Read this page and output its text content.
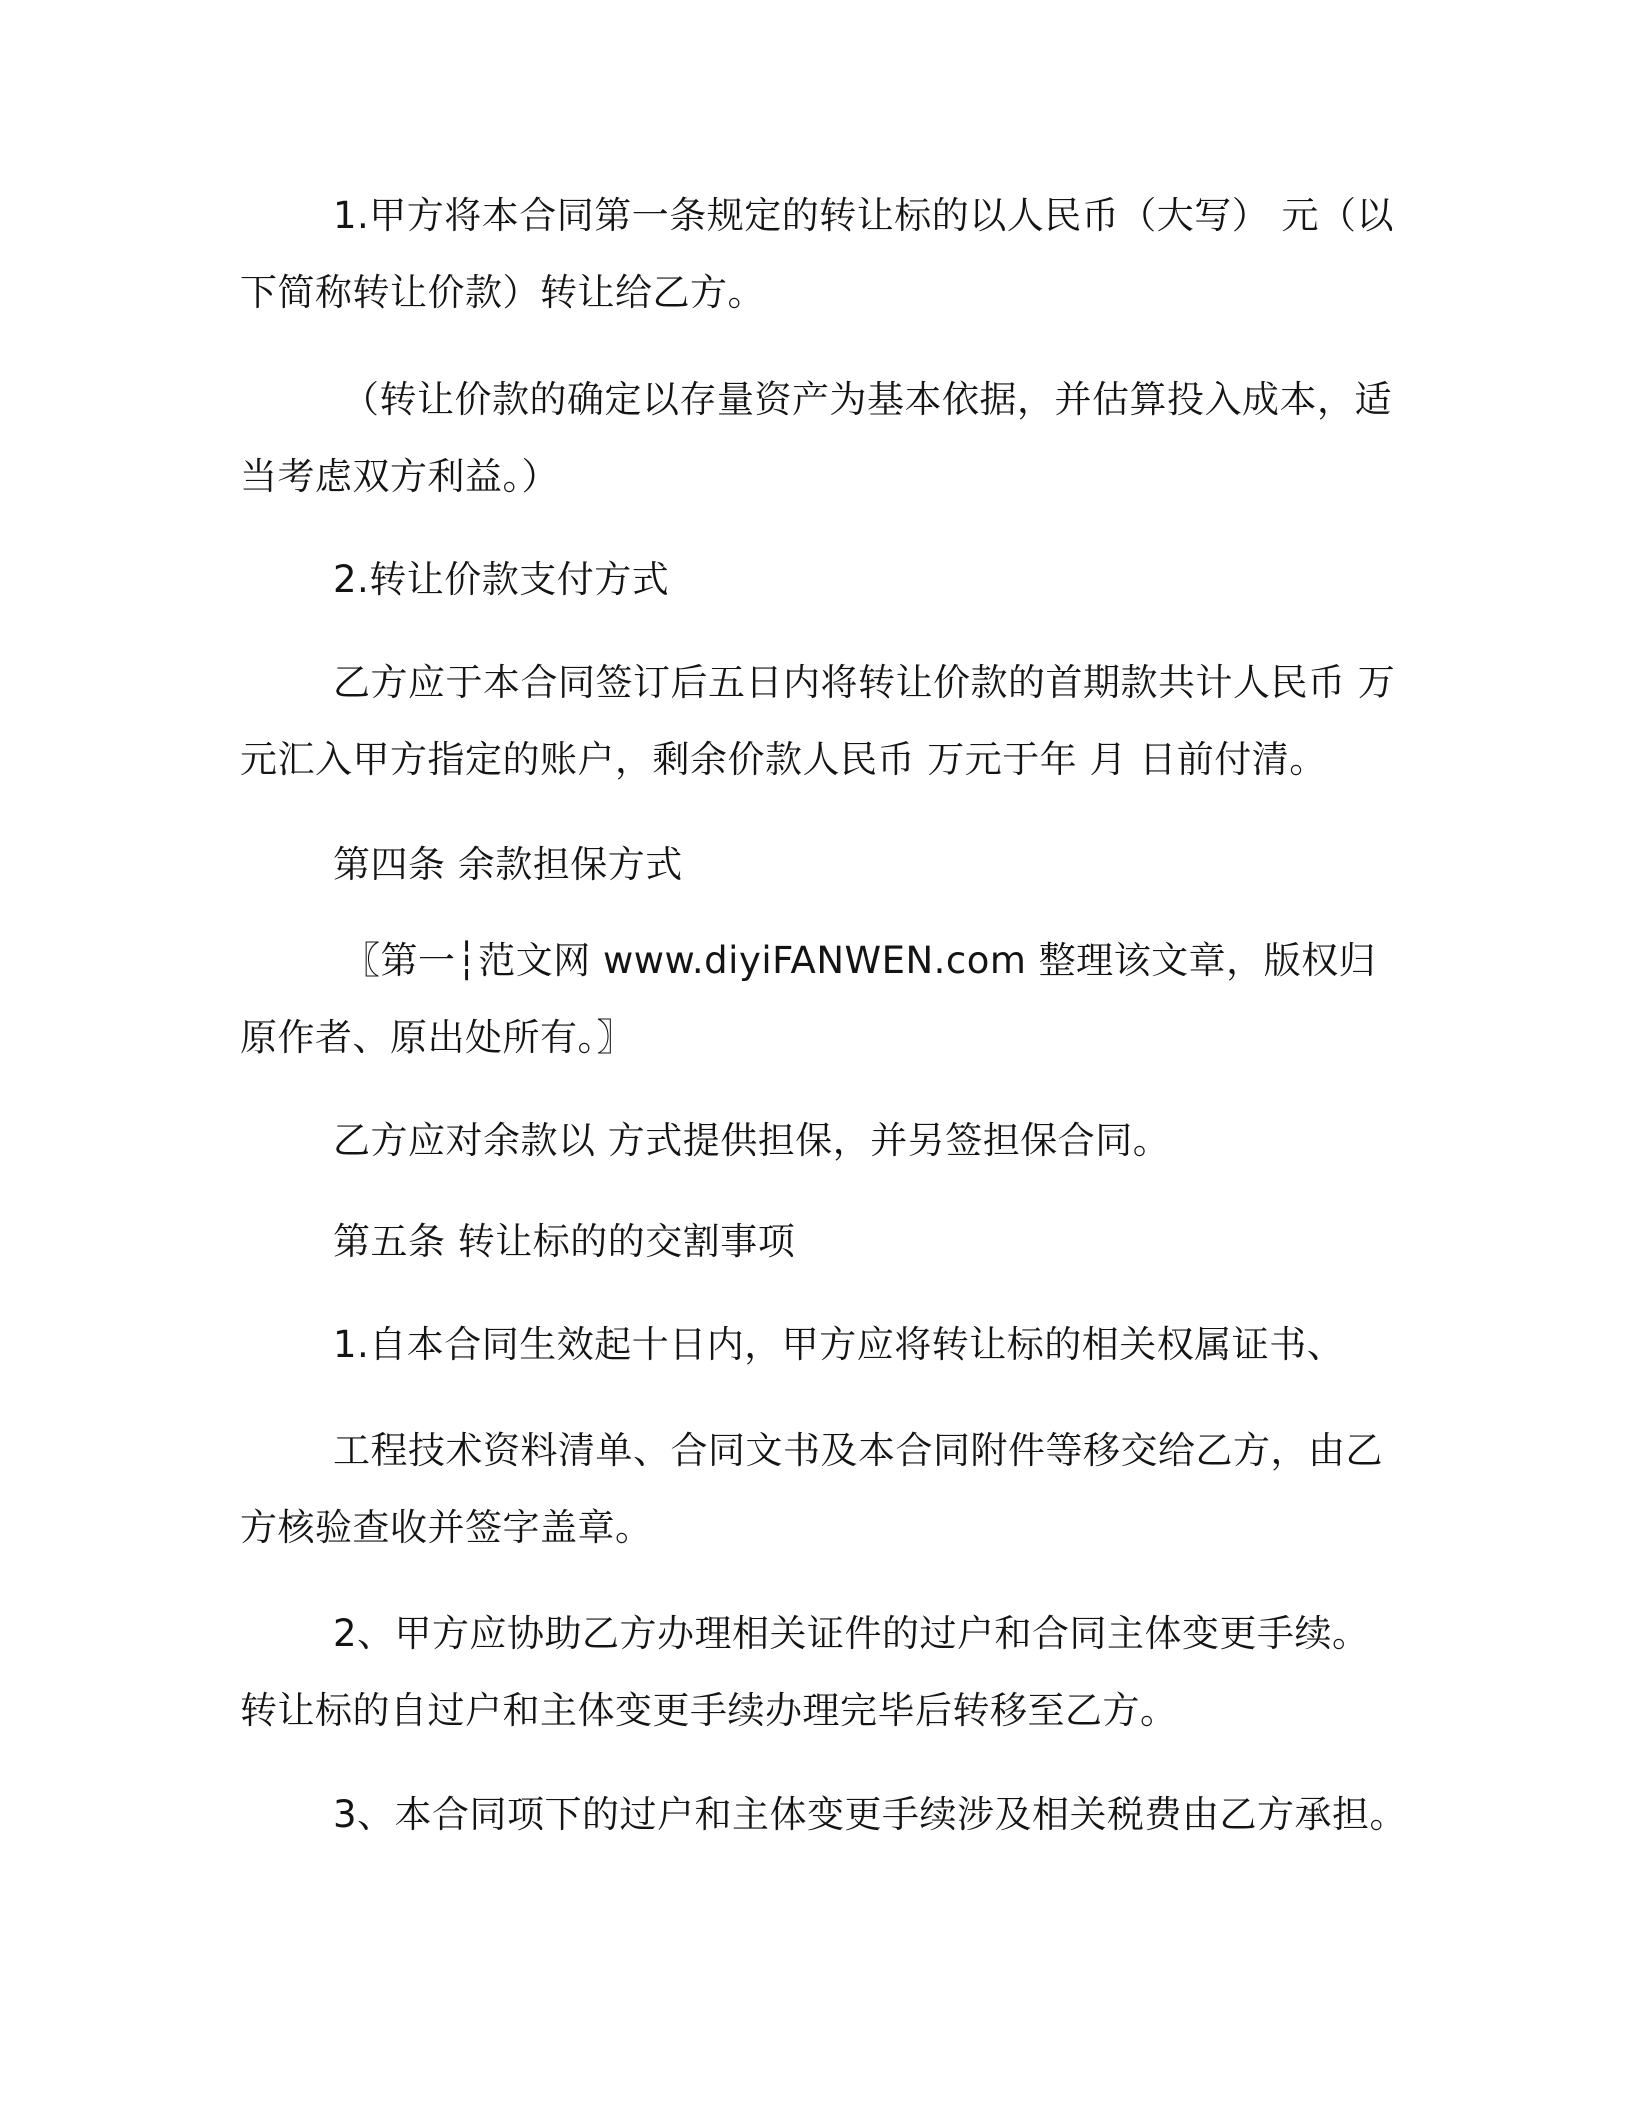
1.甲方将本合同第一条规定的转让标的以人民币（大写） 元（以

下简称转让价款）转让给乙方。

（转让价款的确定以存量资产为基本依据，并估算投入成本，适

当考虑双方利益。）

2.转让价款支付方式

乙方应于本合同签订后五日内将转让价款的首期款共计人民币 万

元汇入甲方指定的账户，剩余价款人民币 万元于年 月 日前付清。

第四条 余款担保方式

〖第一┆范文网 www.diyiFANWEN.com 整理该文章，版权归

原作者、原出处所有。〗

乙方应对余款以 方式提供担保，并另签担保合同。

第五条 转让标的的交割事项

1.自本合同生效起十日内，甲方应将转让标的相关权属证书、

工程技术资料清单、合同文书及本合同附件等移交给乙方，由乙

方核验查收并签字盖章。

2、甲方应协助乙方办理相关证件的过户和合同主体变更手续。

转让标的自过户和主体变更手续办理完毕后转移至乙方。

3、本合同项下的过户和主体变更手续涉及相关税费由乙方承担。
